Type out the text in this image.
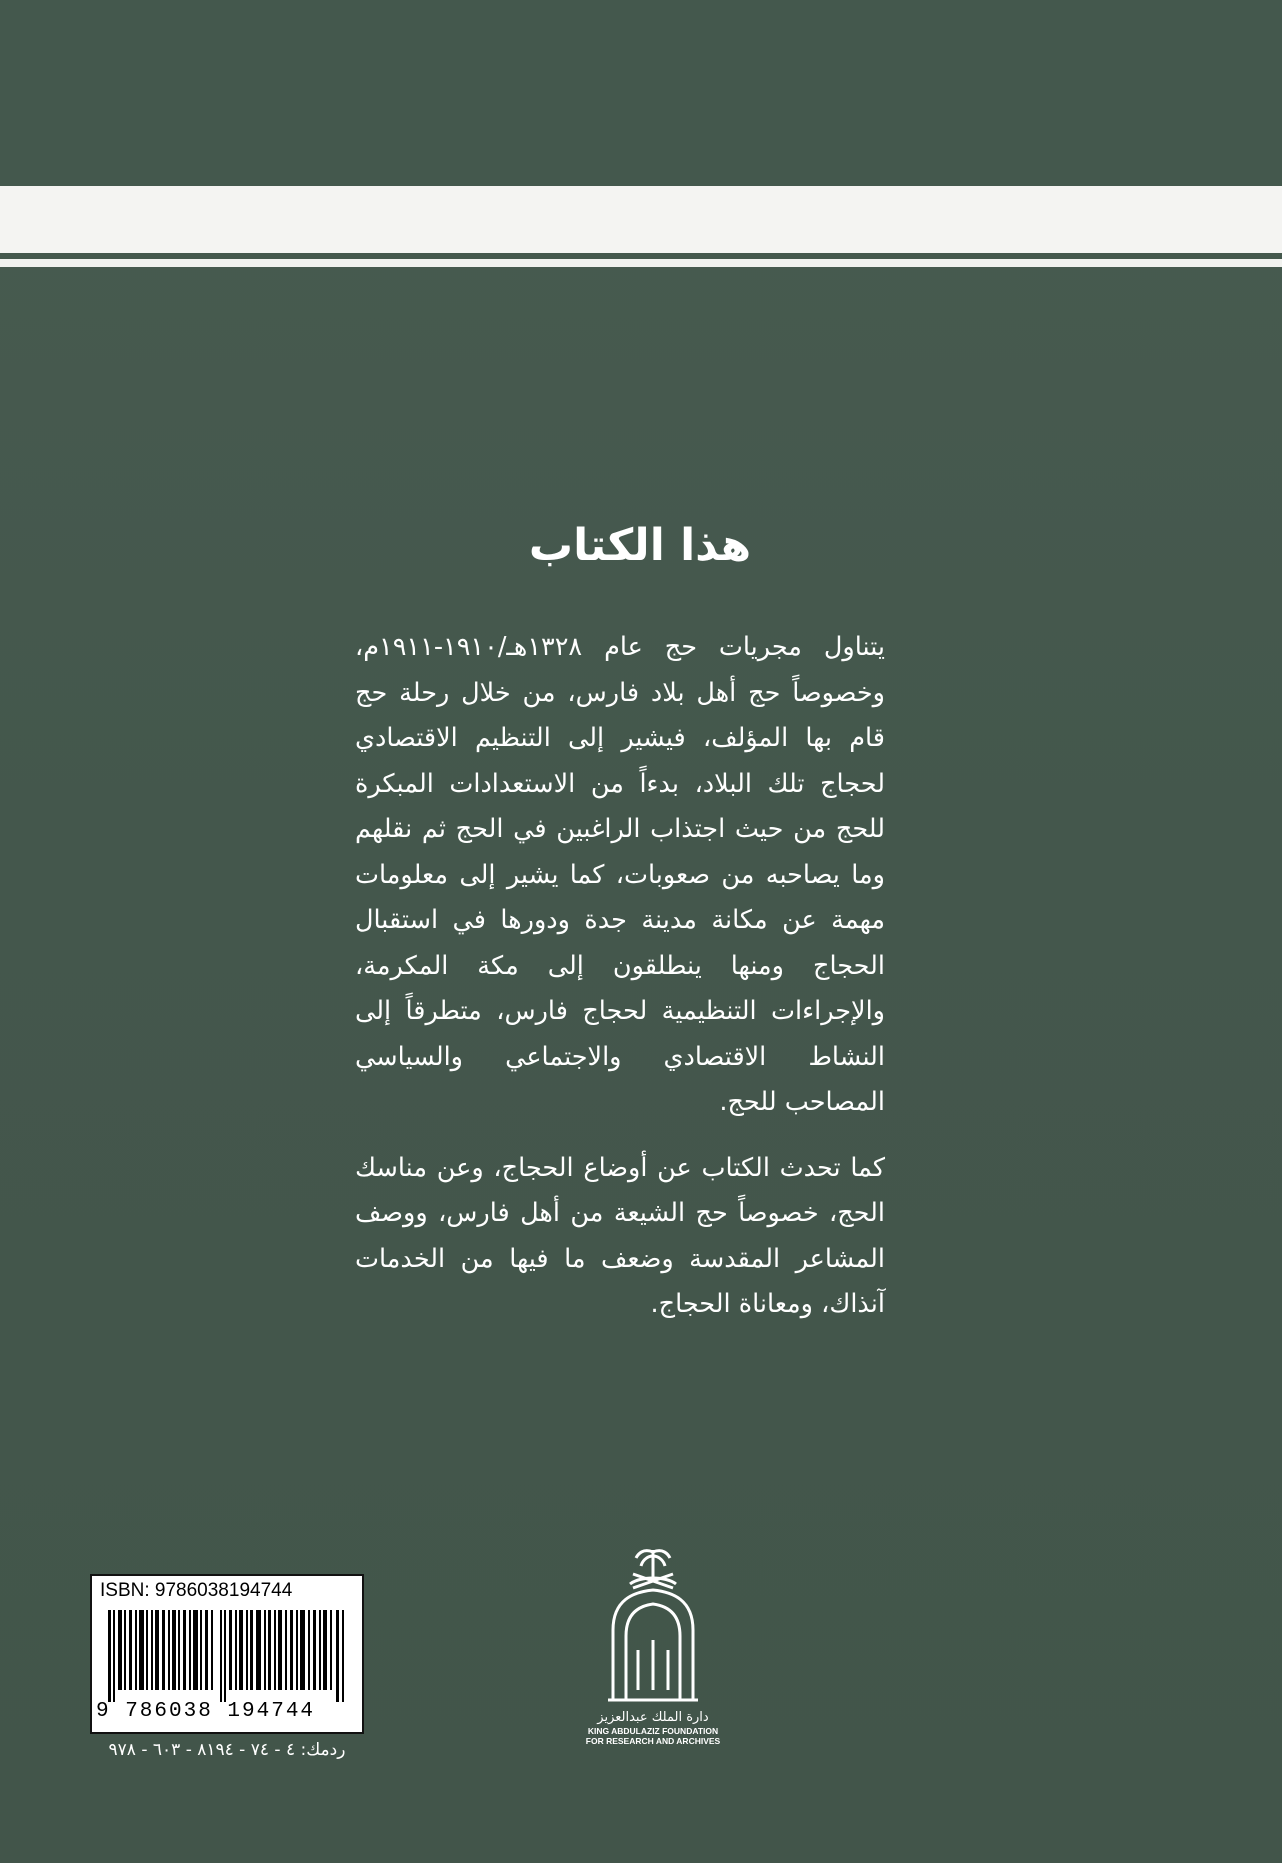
هذا الكتاب

يتناول مجريات حج عام ١٣٢٨هـ/١٩١٠-١٩١١م، وخصوصاً حج أهل بلاد فارس، من خلال رحلة حج قام بها المؤلف، فيشير إلى التنظيم الاقتصادي لحجاج تلك البلاد، بدءاً من الاستعدادات المبكرة للحج من حيث اجتذاب الراغبين في الحج ثم نقلهم وما يصاحبه من صعوبات، كما يشير إلى معلومات مهمة عن مكانة مدينة جدة ودورها في استقبال الحجاج ومنها ينطلقون إلى مكة المكرمة، والإجراءات التنظيمية لحجاج فارس، متطرقاً إلى النشاط الاقتصادي والاجتماعي والسياسي المصاحب للحج.

كما تحدث الكتاب عن أوضاع الحجاج، وعن مناسك الحج، خصوصاً حج الشيعة من أهل فارس، ووصف المشاعر المقدسة وضعف ما فيها من الخدمات آنذاك، ومعاناة الحجاج.

ISBN: 9786038194744
9 786038 194744
ردمك: ٤ - ٧٤ - ٨١٩٤ - ٦٠٣ - ٩٧٨
دارة الملك عبدالعزيز
KING ABDULAZIZ FOUNDATION
FOR RESEARCH AND ARCHIVES
